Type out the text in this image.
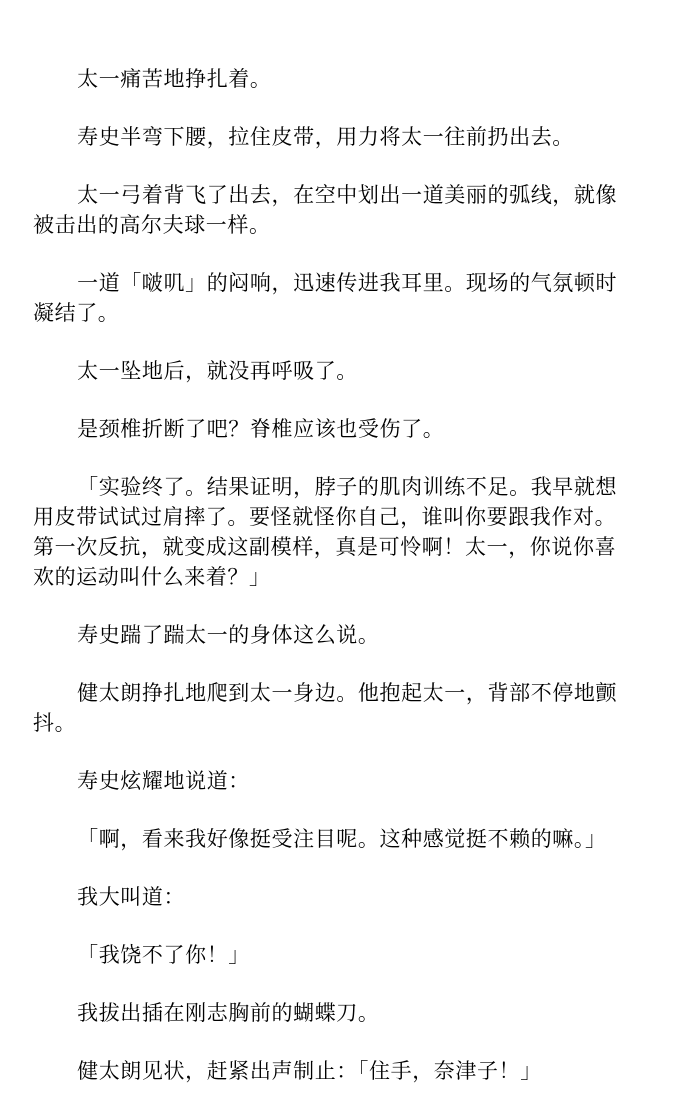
太一痛苦地挣扎着。

寿史半弯下腰，拉住皮带，用力将太一往前扔出去。

太一弓着背飞了出去，在空中划出一道美丽的弧线，就像被击出的高尔夫球一样。

一道「啵叽」的闷响，迅速传进我耳里。现场的气氛顿时凝结了。

太一坠地后，就没再呼吸了。

是颈椎折断了吧？脊椎应该也受伤了。

「实验终了。结果证明，脖子的肌肉训练不足。我早就想用皮带试试过肩摔了。要怪就怪你自己，谁叫你要跟我作对。第一次反抗，就变成这副模样，真是可怜啊！太一，你说你喜欢的运动叫什么来着？」

寿史踹了踹太一的身体这么说。

健太朗挣扎地爬到太一身边。他抱起太一，背部不停地颤抖。

寿史炫耀地说道：

「啊，看来我好像挺受注目呢。这种感觉挺不赖的嘛。」

我大叫道：

「我饶不了你！」

我拔出插在刚志胸前的蝴蝶刀。

健太朗见状，赶紧出声制止：「住手，奈津子！」
